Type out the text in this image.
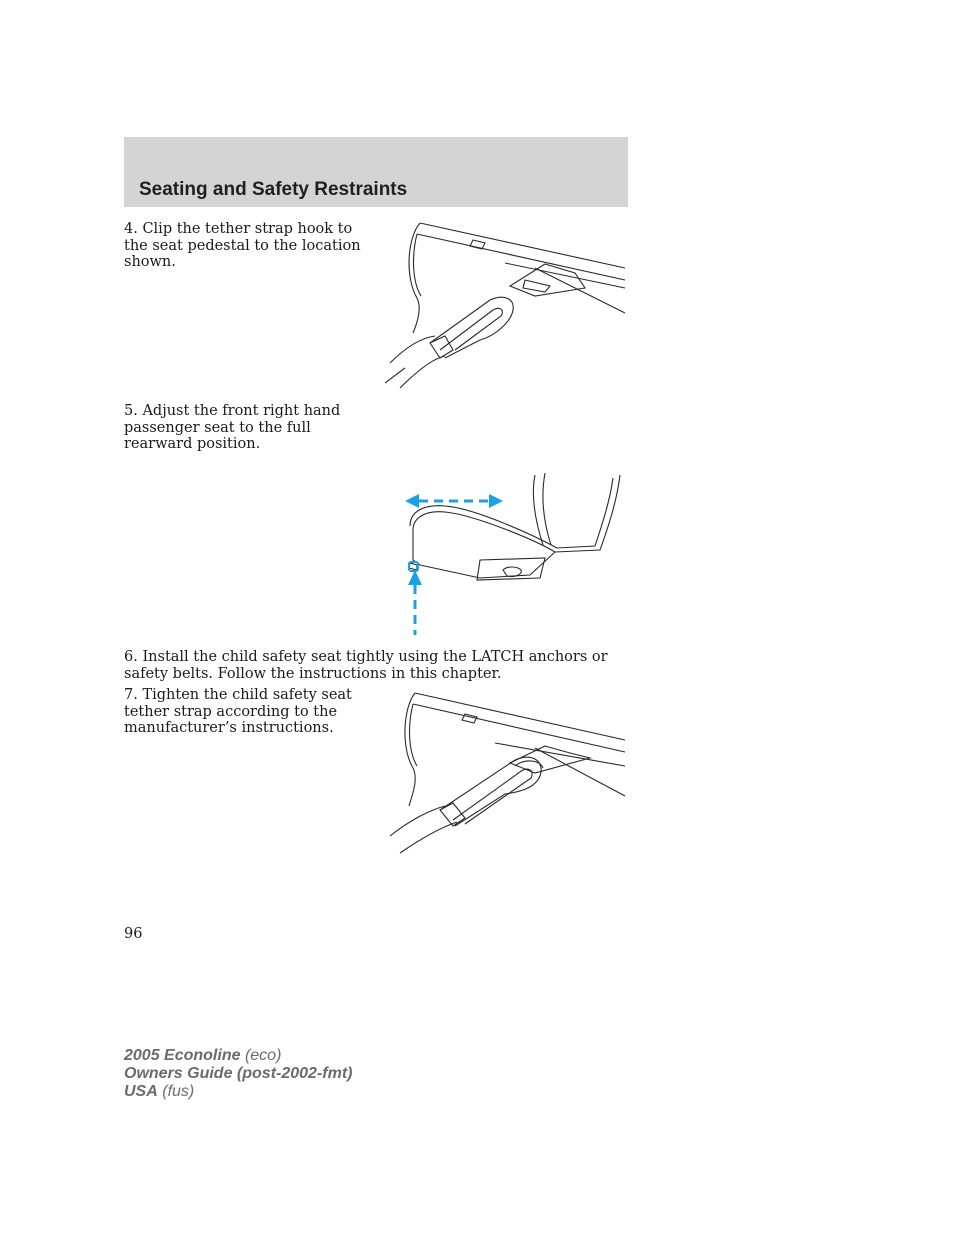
Seating and Safety Restraints
4. Clip the tether strap hook to the seat pedestal to the location shown.
5. Adjust the front right hand passenger seat to the full rearward position.
6. Install the child safety seat tightly using the LATCH anchors or safety belts. Follow the instructions in this chapter.
7. Tighten the child safety seat tether strap according to the manufacturer’s instructions.
96
2005 Econoline (eco)
Owners Guide (post-2002-fmt)
USA (fus)
